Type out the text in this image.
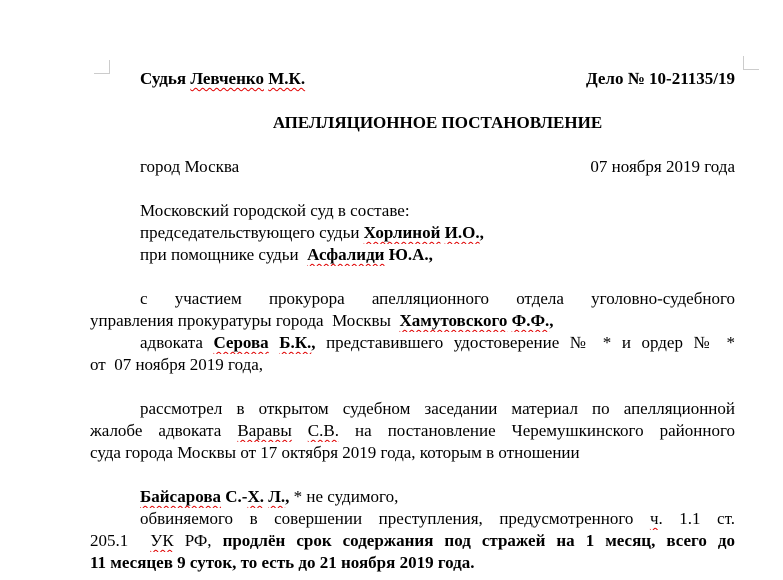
Судья Левченко М.К.	Дело № 10-21135/19
АПЕЛЛЯЦИОННОЕ ПОСТАНОВЛЕНИЕ
город Москва	07 ноября 2019 года
Московский городской суд в составе:
председательствующего судьи Хорлиной И.О.,
при помощнике судьи  Асфалиди Ю.А.,
с участием прокурора апелляционного отдела уголовно-судебного
управления прокуратуры города  Москвы  Хамутовского Ф.Ф.,
адвоката Серова Б.К., представившего удостоверение № * и ордер № *
от  07 ноября 2019 года,
рассмотрел в открытом судебном заседании материал по апелляционной
жалобе адвоката Варавы С.В. на постановление Черемушкинского районного
суда города Москвы от 17 октября 2019 года, которым в отношении
Байсарова С.-Х. Л., * не судимого,
обвиняемого в совершении преступления, предусмотренного ч. 1.1 ст.
205.1  УК РФ, продлён срок содержания под стражей на 1 месяц, всего до
11 месяцев 9 суток, то есть до 21 ноября 2019 года.
